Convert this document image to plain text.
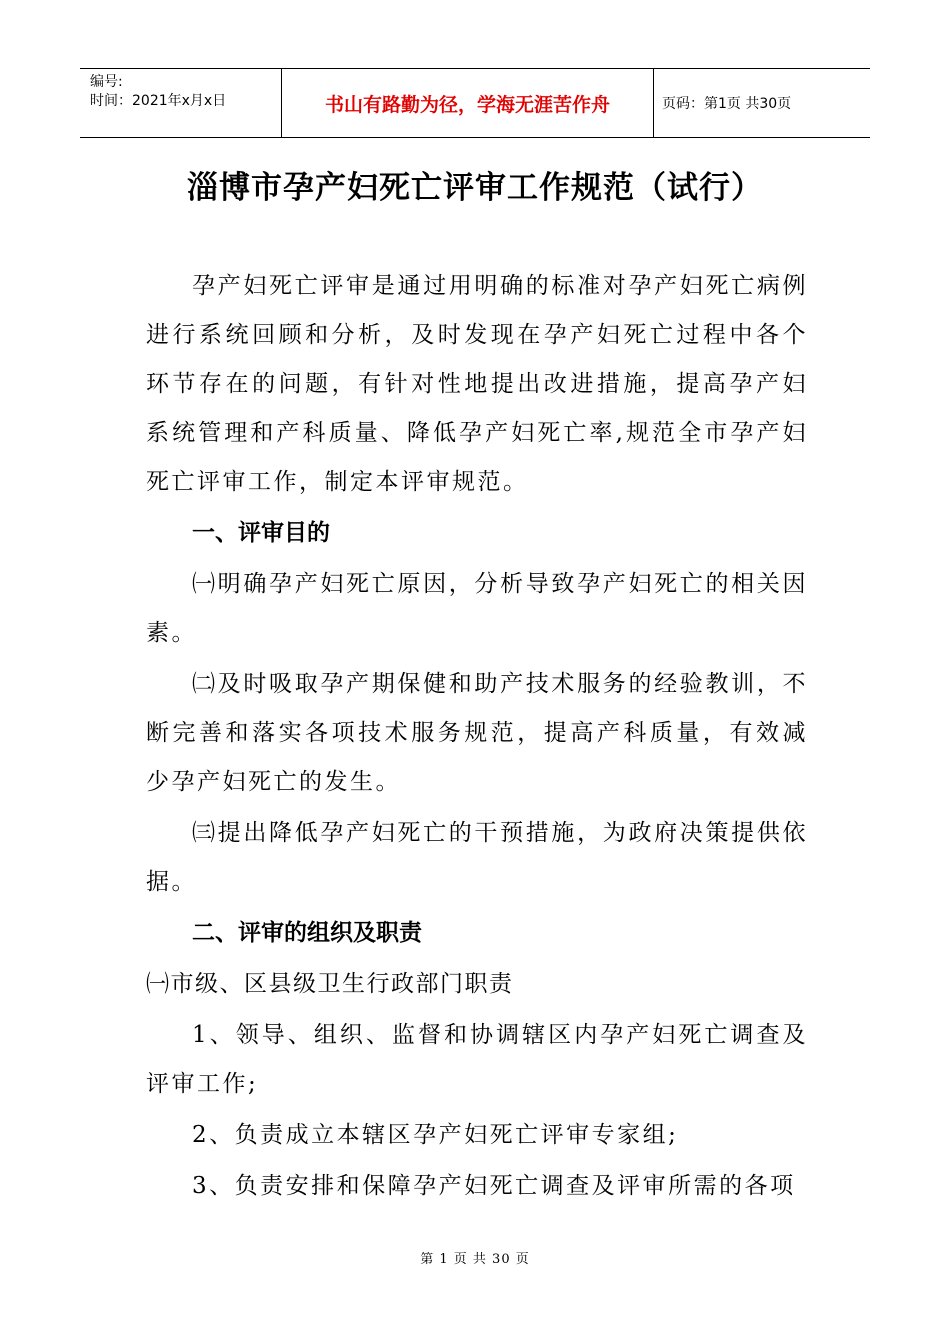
编号:
时间：2021年x月x日	书山有路勤为径，学海无涯苦作舟	页码：第1页 共30页
淄博市孕产妇死亡评审工作规范（试行）

孕产妇死亡评审是通过用明确的标准对孕产妇死亡病例进行系统回顾和分析，及时发现在孕产妇死亡过程中各个环节存在的问题，有针对性地提出改进措施，提高孕产妇系统管理和产科质量、降低孕产妇死亡率,规范全市孕产妇死亡评审工作，制定本评审规范。

一、评审目的

㈠明确孕产妇死亡原因，分析导致孕产妇死亡的相关因素。

㈡及时吸取孕产期保健和助产技术服务的经验教训，不断完善和落实各项技术服务规范，提高产科质量，有效减少孕产妇死亡的发生。

㈢提出降低孕产妇死亡的干预措施，为政府决策提供依据。

二、评审的组织及职责

㈠市级、区县级卫生行政部门职责

1、领导、组织、监督和协调辖区内孕产妇死亡调查及评审工作;

2、负责成立本辖区孕产妇死亡评审专家组;

3、负责安排和保障孕产妇死亡调查及评审所需的各项

第 1 页 共 30 页
